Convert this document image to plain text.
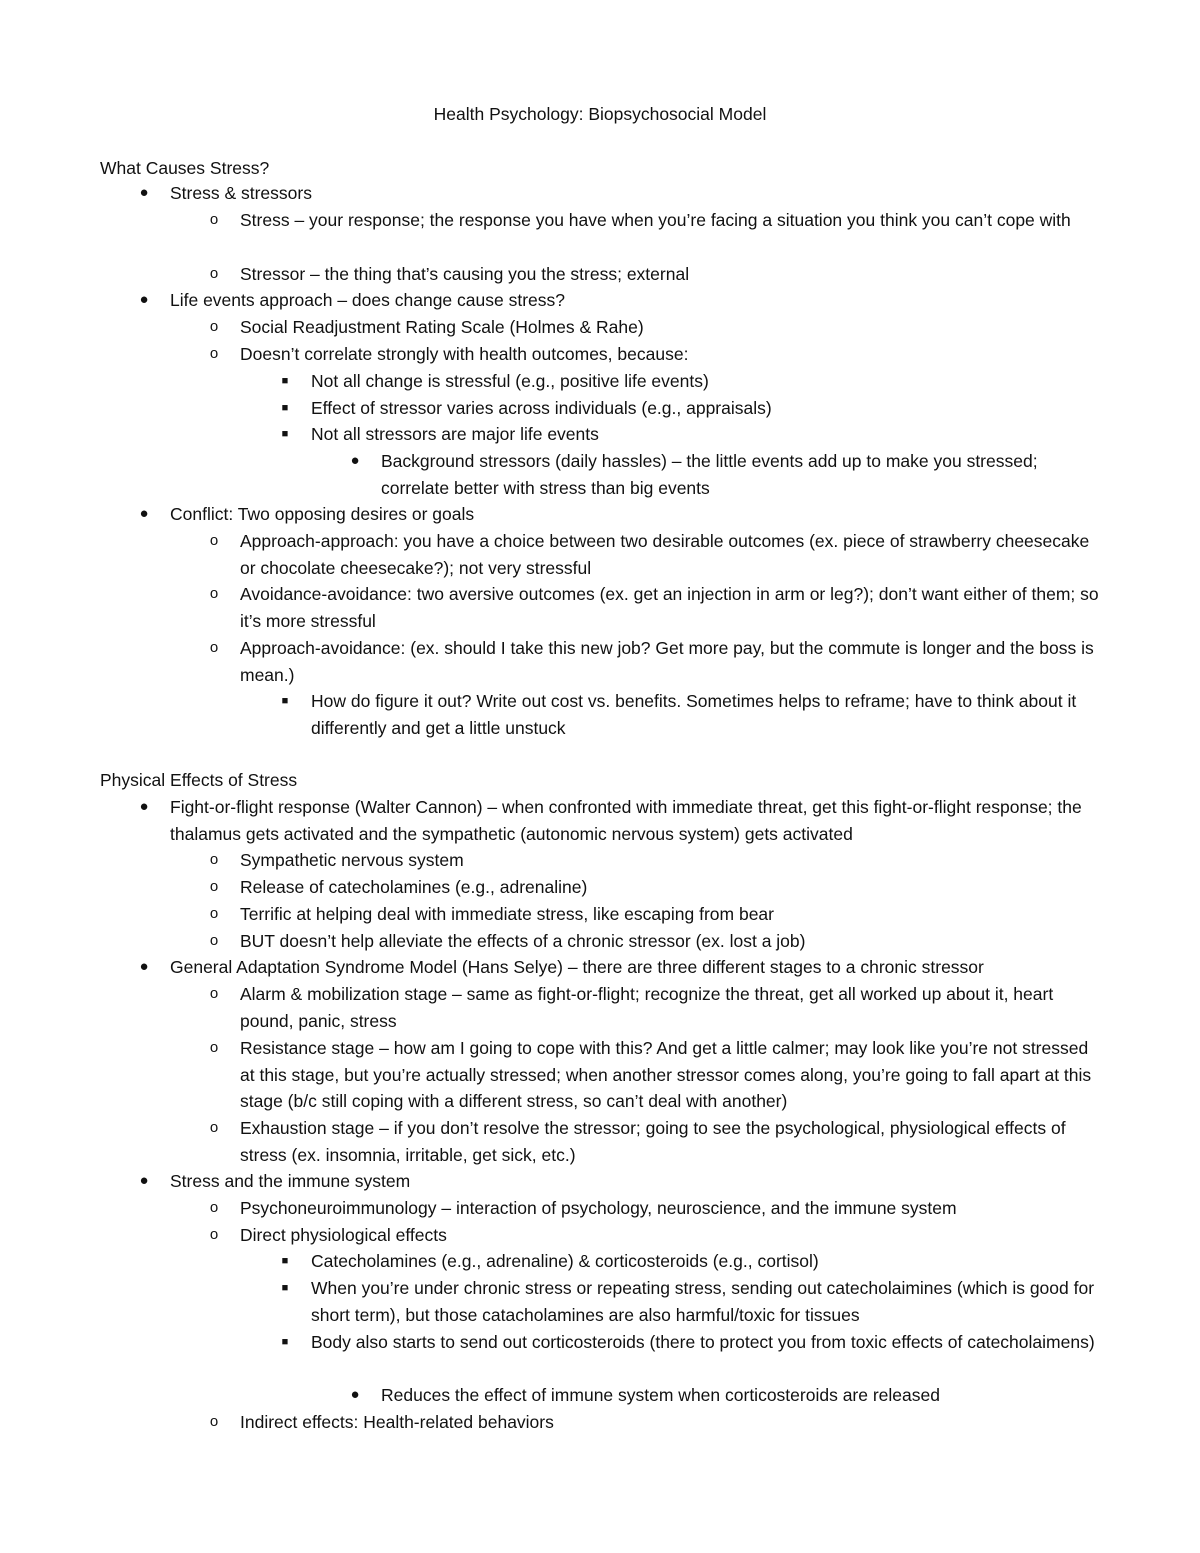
Health Psychology: Biopsychosocial Model
What Causes Stress?
●	Stress & stressors
o	Stress – your response; the response you have when you’re facing a situation you think you can’t cope with
o	Stressor – the thing that’s causing you the stress; external
●	Life events approach – does change cause stress?
o	Social Readjustment Rating Scale (Holmes & Rahe)
o	Doesn’t correlate strongly with health outcomes, because:
■	Not all change is stressful (e.g., positive life events)
■	Effect of stressor varies across individuals (e.g., appraisals)
■	Not all stressors are major life events
●	Background stressors (daily hassles) – the little events add up to make you stressed; correlate better with stress than big events
●	Conflict: Two opposing desires or goals
o	Approach-approach: you have a choice between two desirable outcomes (ex. piece of strawberry cheesecake or chocolate cheesecake?); not very stressful
o	Avoidance-avoidance: two aversive outcomes (ex. get an injection in arm or leg?); don’t want either of them; so it’s more stressful
o	Approach-avoidance: (ex. should I take this new job? Get more pay, but the commute is longer and the boss is mean.)
■	How do figure it out? Write out cost vs. benefits. Sometimes helps to reframe; have to think about it differently and get a little unstuck
Physical Effects of Stress
●	Fight-or-flight response (Walter Cannon) – when confronted with immediate threat, get this fight-or-flight response; the thalamus gets activated and the sympathetic (autonomic nervous system) gets activated
o	Sympathetic nervous system
o	Release of catecholamines (e.g., adrenaline)
o	Terrific at helping deal with immediate stress, like escaping from bear
o	BUT doesn’t help alleviate the effects of a chronic stressor (ex. lost a job)
●	General Adaptation Syndrome Model (Hans Selye) – there are three different stages to a chronic stressor
o	Alarm & mobilization stage – same as fight-or-flight; recognize the threat, get all worked up about it, heart pound, panic, stress
o	Resistance stage – how am I going to cope with this? And get a little calmer; may look like you’re not stressed at this stage, but you’re actually stressed; when another stressor comes along, you’re going to fall apart at this stage (b/c still coping with a different stress, so can’t deal with another)
o	Exhaustion stage – if you don’t resolve the stressor; going to see the psychological, physiological effects of stress (ex. insomnia, irritable, get sick, etc.)
●	Stress and the immune system
o	Psychoneuroimmunology – interaction of psychology, neuroscience, and the immune system
o	Direct physiological effects
■	Catecholamines (e.g., adrenaline) & corticosteroids (e.g., cortisol)
■	When you’re under chronic stress or repeating stress, sending out catecholaimines (which is good for short term), but those catacholamines are also harmful/toxic for tissues
■	Body also starts to send out corticosteroids (there to protect you from toxic effects of catecholaimens)
●	Reduces the effect of immune system when corticosteroids are released
o	Indirect effects: Health-related behaviors
